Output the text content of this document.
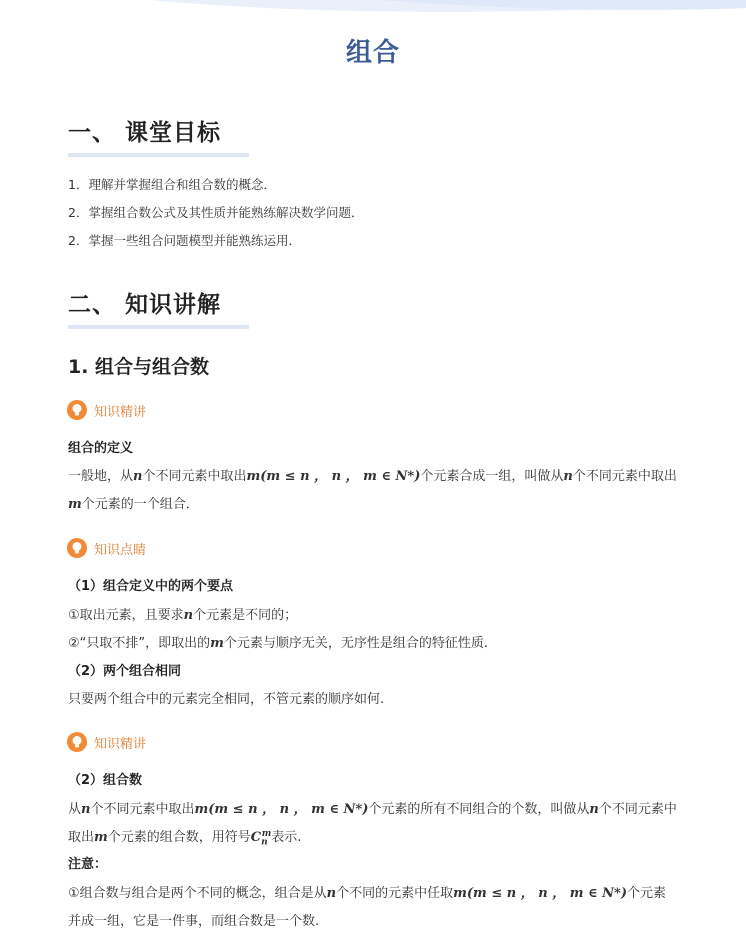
组合
一、 课堂目标
1．理解并掌握组合和组合数的概念．
2．掌握组合数公式及其性质并能熟练解决数学问题．
2．掌握一些组合问题模型并能熟练运用．
二、 知识讲解
1. 组合与组合数
知识精讲
组合的定义
一般地，从n个不同元素中取出m(m ≤ n ， n ， m ∈ N*)个元素合成一组，叫做从n个不同元素中取出
m个元素的一个组合．
知识点睛
（1）组合定义中的两个要点
①取出元素，且要求n个元素是不同的；
②“只取不排”，即取出的m个元素与顺序无关，无序性是组合的特征性质.
（2）两个组合相同
只要两个组合中的元素完全相同，不管元素的顺序如何.
知识精讲
（2）组合数
从n个不同元素中取出m(m ≤ n ， n ， m ∈ N*)个元素的所有不同组合的个数，叫做从n个不同元素中
取出m个元素的组合数，用符号$C_n^m$表示.
注意：
①组合数与组合是两个不同的概念，组合是从n个不同的元素中任取m(m ≤ n ， n ， m ∈ N*)个元素
并成一组，它是一件事，而组合数是一个数.
